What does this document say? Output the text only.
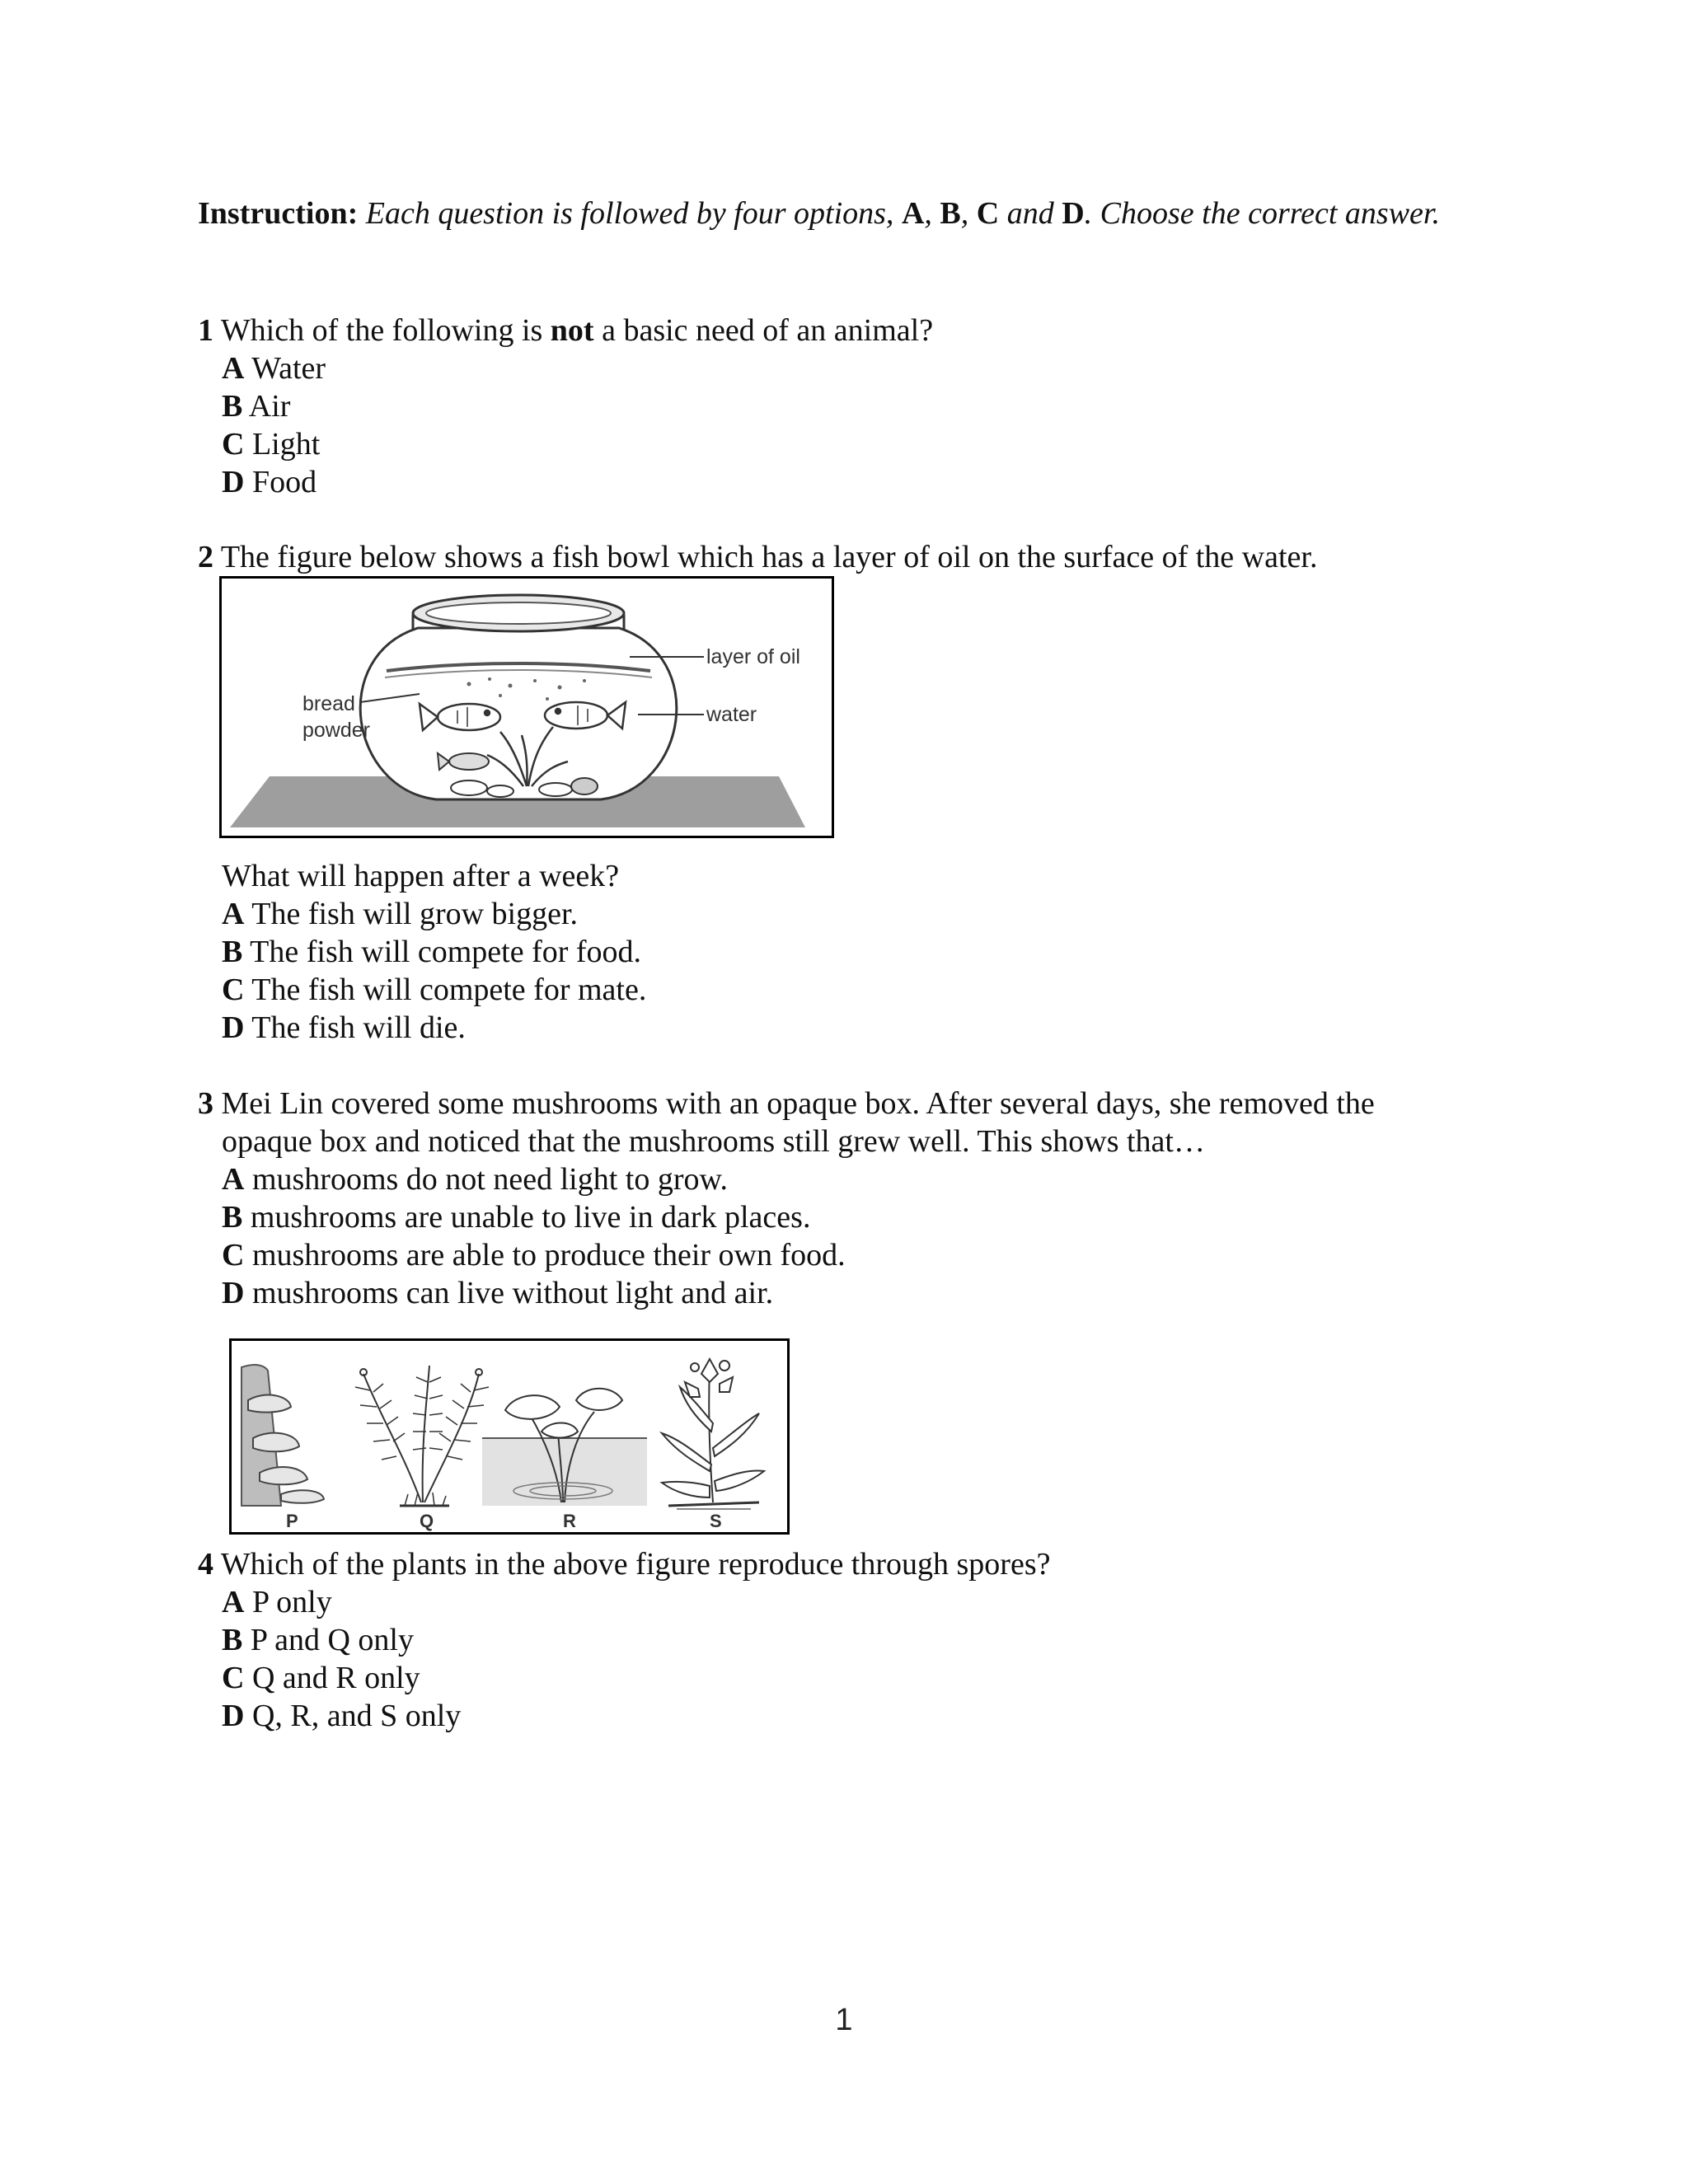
Instruction: Each question is followed by four options, A, B, C and D. Choose the correct answer.
1 Which of the following is not a basic need of an animal?
A Water
B Air
C Light
D Food
2 The figure below shows a fish bowl which has a layer of oil on the surface of the water.
layer of oil
water
bread
powder
What will happen after a week?
A The fish will grow bigger.
B The fish will compete for food.
C The fish will compete for mate.
D The fish will die.
3 Mei Lin covered some mushrooms with an opaque box. After several days, she removed the
opaque box and noticed that the mushrooms still grew well. This shows that…
A mushrooms do not need light to grow.
B mushrooms are unable to live in dark places.
C mushrooms are able to produce their own food.
D mushrooms can live without light and air.
P	Q	R	S
4 Which of the plants in the above figure reproduce through spores?
A P only
B P and Q only
C Q and R only
D Q, R, and S only
1
